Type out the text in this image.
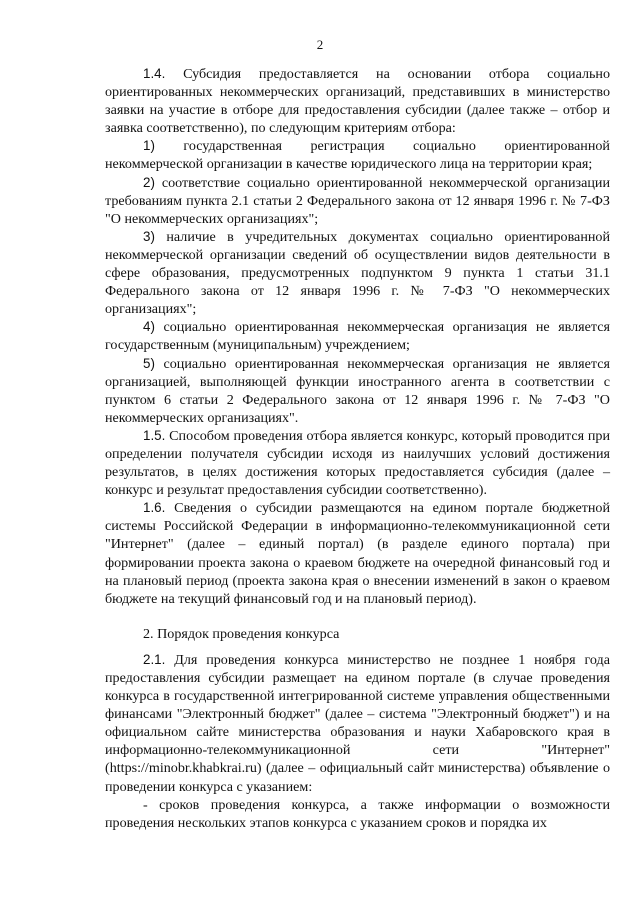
2

1.4. Субсидия предоставляется на основании отбора социально ориентированных некоммерческих организаций, представивших в министерство заявки на участие в отборе для предоставления субсидии (далее также – отбор и заявка соответственно), по следующим критериям отбора:

1) государственная регистрация социально ориентированной некоммерческой организации в качестве юридического лица на территории края;

2) соответствие социально ориентированной некоммерческой организации требованиям пункта 2.1 статьи 2 Федерального закона от 12 января 1996 г. № 7-ФЗ "О некоммерческих организациях";

3) наличие в учредительных документах социально ориентированной некоммерческой организации сведений об осуществлении видов деятельности в сфере образования, предусмотренных подпунктом 9 пункта 1 статьи 31.1 Федерального закона от 12 января 1996 г. № 7-ФЗ "О некоммерческих организациях";

4) социально ориентированная некоммерческая организация не является государственным (муниципальным) учреждением;

5) социально ориентированная некоммерческая организация не является организацией, выполняющей функции иностранного агента в соответствии с пунктом 6 статьи 2 Федерального закона от 12 января 1996 г. № 7-ФЗ "О некоммерческих организациях".

1.5. Способом проведения отбора является конкурс, который проводится при определении получателя субсидии исходя из наилучших условий достижения результатов, в целях достижения которых предоставляется субсидия (далее – конкурс и результат предоставления субсидии соответственно).

1.6. Сведения о субсидии размещаются на едином портале бюджетной системы Российской Федерации в информационно-телекоммуникационной сети "Интернет" (далее – единый портал) (в разделе единого портала) при формировании проекта закона о краевом бюджете на очередной финансовый год и на плановый период (проекта закона края о внесении изменений в закон о краевом бюджете на текущий финансовый год и на плановый период).

2. Порядок проведения конкурса

2.1. Для проведения конкурса министерство не позднее 1 ноября года предоставления субсидии размещает на едином портале (в случае проведения конкурса в государственной интегрированной системе управления общественными финансами "Электронный бюджет" (далее – система "Электронный бюджет") и на официальном сайте министерства образования и науки Хабаровского края в информационно-телекоммуникационной сети "Интернет" (https://minobr.khabkrai.ru) (далее – официальный сайт министерства) объявление о проведении конкурса с указанием:

- сроков проведения конкурса, а также информации о возможности проведения нескольких этапов конкурса с указанием сроков и порядка их
